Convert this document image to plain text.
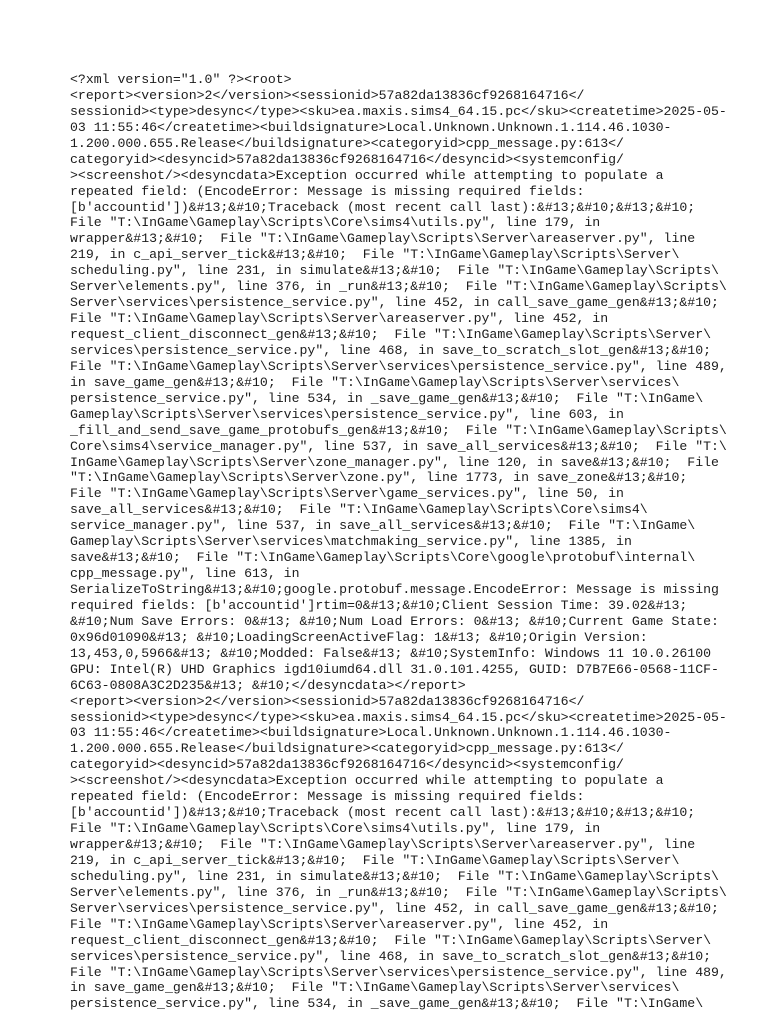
<?xml version="1.0" ?><root>
<report><version>2</version><sessionid>57a82da13836cf9268164716</
sessionid><type>desync</type><sku>ea.maxis.sims4_64.15.pc</sku><createtime>2025-05-
03 11:55:46</createtime><buildsignature>Local.Unknown.Unknown.1.114.46.1030-
1.200.000.655.Release</buildsignature><categoryid>cpp_message.py:613</
categoryid><desyncid>57a82da13836cf9268164716</desyncid><systemconfig/
><screenshot/><desyncdata>Exception occurred while attempting to populate a
repeated field: (EncodeError: Message is missing required fields:
[b'accountid'])&#13;&#10;Traceback (most recent call last):&#13;&#10;&#13;&#10;
File "T:\InGame\Gameplay\Scripts\Core\sims4\utils.py", line 179, in
wrapper&#13;&#10;  File "T:\InGame\Gameplay\Scripts\Server\areaserver.py", line
219, in c_api_server_tick&#13;&#10;  File "T:\InGame\Gameplay\Scripts\Server\
scheduling.py", line 231, in simulate&#13;&#10;  File "T:\InGame\Gameplay\Scripts\
Server\elements.py", line 376, in _run&#13;&#10;  File "T:\InGame\Gameplay\Scripts\
Server\services\persistence_service.py", line 452, in call_save_game_gen&#13;&#10;
File "T:\InGame\Gameplay\Scripts\Server\areaserver.py", line 452, in
request_client_disconnect_gen&#13;&#10;  File "T:\InGame\Gameplay\Scripts\Server\
services\persistence_service.py", line 468, in save_to_scratch_slot_gen&#13;&#10;
File "T:\InGame\Gameplay\Scripts\Server\services\persistence_service.py", line 489,
in save_game_gen&#13;&#10;  File "T:\InGame\Gameplay\Scripts\Server\services\
persistence_service.py", line 534, in _save_game_gen&#13;&#10;  File "T:\InGame\
Gameplay\Scripts\Server\services\persistence_service.py", line 603, in
_fill_and_send_save_game_protobufs_gen&#13;&#10;  File "T:\InGame\Gameplay\Scripts\
Core\sims4\service_manager.py", line 537, in save_all_services&#13;&#10;  File "T:\
InGame\Gameplay\Scripts\Server\zone_manager.py", line 120, in save&#13;&#10;  File
"T:\InGame\Gameplay\Scripts\Server\zone.py", line 1773, in save_zone&#13;&#10;
File "T:\InGame\Gameplay\Scripts\Server\game_services.py", line 50, in
save_all_services&#13;&#10;  File "T:\InGame\Gameplay\Scripts\Core\sims4\
service_manager.py", line 537, in save_all_services&#13;&#10;  File "T:\InGame\
Gameplay\Scripts\Server\services\matchmaking_service.py", line 1385, in
save&#13;&#10;  File "T:\InGame\Gameplay\Scripts\Core\google\protobuf\internal\
cpp_message.py", line 613, in
SerializeToString&#13;&#10;google.protobuf.message.EncodeError: Message is missing
required fields: [b'accountid']rtim=0&#13;&#10;Client Session Time: 39.02&#13;
&#10;Num Save Errors: 0&#13; &#10;Num Load Errors: 0&#13; &#10;Current Game State:
0x96d01090&#13; &#10;LoadingScreenActiveFlag: 1&#13; &#10;Origin Version:
13,453,0,5966&#13; &#10;Modded: False&#13; &#10;SystemInfo: Windows 11 10.0.26100
GPU: Intel(R) UHD Graphics igd10iumd64.dll 31.0.101.4255, GUID: D7B7E66-0568-11CF-
6C63-0808A3C2D235&#13; &#10;</desyncdata></report>
<report><version>2</version><sessionid>57a82da13836cf9268164716</
sessionid><type>desync</type><sku>ea.maxis.sims4_64.15.pc</sku><createtime>2025-05-
03 11:55:46</createtime><buildsignature>Local.Unknown.Unknown.1.114.46.1030-
1.200.000.655.Release</buildsignature><categoryid>cpp_message.py:613</
categoryid><desyncid>57a82da13836cf9268164716</desyncid><systemconfig/
><screenshot/><desyncdata>Exception occurred while attempting to populate a
repeated field: (EncodeError: Message is missing required fields:
[b'accountid'])&#13;&#10;Traceback (most recent call last):&#13;&#10;&#13;&#10;
File "T:\InGame\Gameplay\Scripts\Core\sims4\utils.py", line 179, in
wrapper&#13;&#10;  File "T:\InGame\Gameplay\Scripts\Server\areaserver.py", line
219, in c_api_server_tick&#13;&#10;  File "T:\InGame\Gameplay\Scripts\Server\
scheduling.py", line 231, in simulate&#13;&#10;  File "T:\InGame\Gameplay\Scripts\
Server\elements.py", line 376, in _run&#13;&#10;  File "T:\InGame\Gameplay\Scripts\
Server\services\persistence_service.py", line 452, in call_save_game_gen&#13;&#10;
File "T:\InGame\Gameplay\Scripts\Server\areaserver.py", line 452, in
request_client_disconnect_gen&#13;&#10;  File "T:\InGame\Gameplay\Scripts\Server\
services\persistence_service.py", line 468, in save_to_scratch_slot_gen&#13;&#10;
File "T:\InGame\Gameplay\Scripts\Server\services\persistence_service.py", line 489,
in save_game_gen&#13;&#10;  File "T:\InGame\Gameplay\Scripts\Server\services\
persistence_service.py", line 534, in _save_game_gen&#13;&#10;  File "T:\InGame\
